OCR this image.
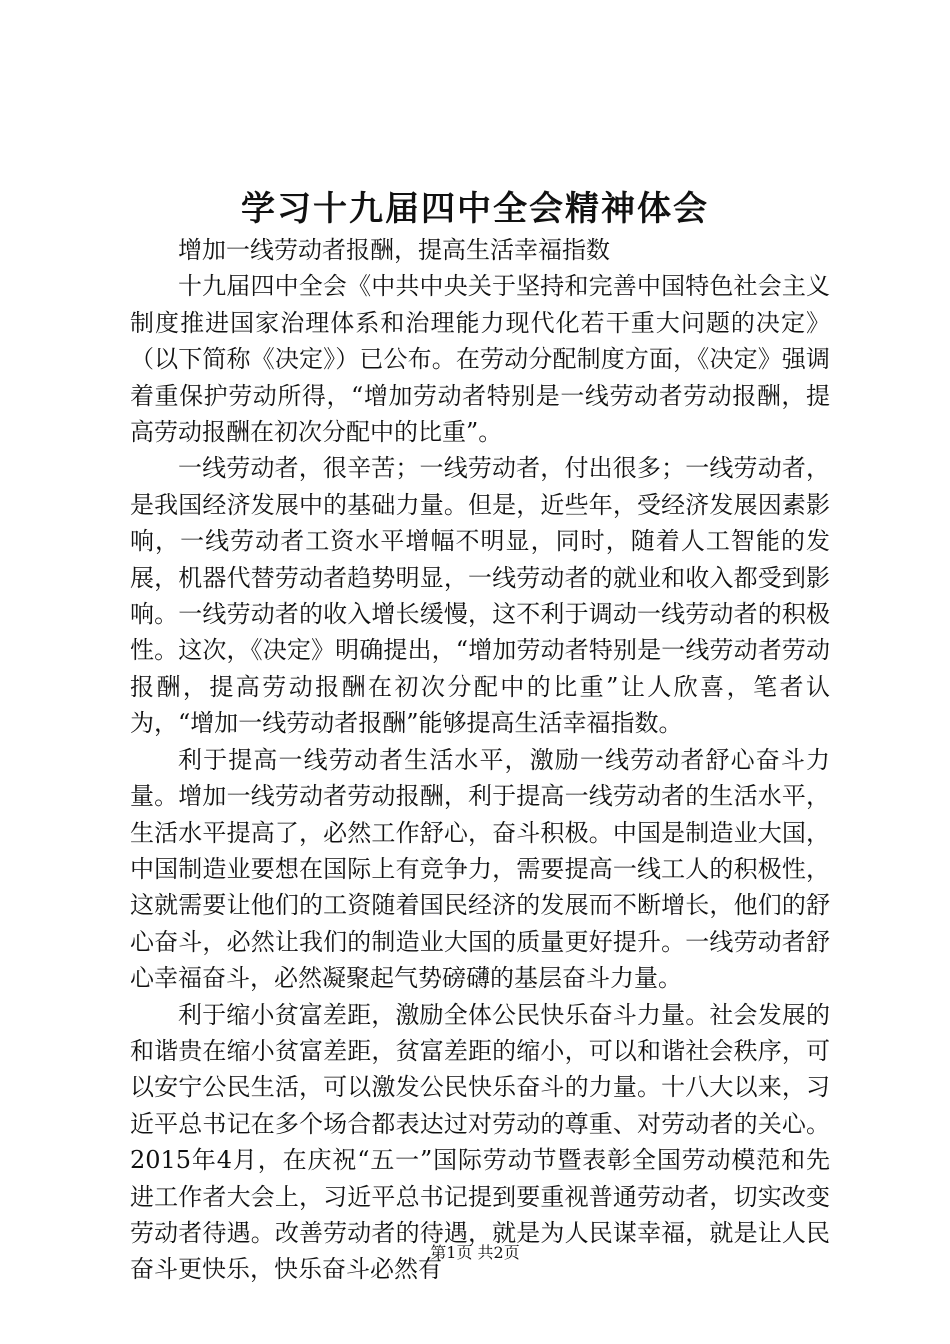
学习十九届四中全会精神体会

增加一线劳动者报酬，提高生活幸福指数

十九届四中全会《中共中央关于坚持和完善中国特色社会主义制度推进国家治理体系和治理能力现代化若干重大问题的决定》（以下简称《决定》）已公布。在劳动分配制度方面，《决定》强调着重保护劳动所得，“增加劳动者特别是一线劳动者劳动报酬，提高劳动报酬在初次分配中的比重”。

一线劳动者，很辛苦；一线劳动者，付出很多；一线劳动者，是我国经济发展中的基础力量。但是，近些年，受经济发展因素影响，一线劳动者工资水平增幅不明显，同时，随着人工智能的发展，机器代替劳动者趋势明显，一线劳动者的就业和收入都受到影响。一线劳动者的收入增长缓慢，这不利于调动一线劳动者的积极性。这次，《决定》明确提出，“增加劳动者特别是一线劳动者劳动报酬，提高劳动报酬在初次分配中的比重”让人欣喜，笔者认为，“增加一线劳动者报酬”能够提高生活幸福指数。

利于提高一线劳动者生活水平，激励一线劳动者舒心奋斗力量。增加一线劳动者劳动报酬，利于提高一线劳动者的生活水平，生活水平提高了，必然工作舒心，奋斗积极。中国是制造业大国，中国制造业要想在国际上有竞争力，需要提高一线工人的积极性，这就需要让他们的工资随着国民经济的发展而不断增长，他们的舒心奋斗，必然让我们的制造业大国的质量更好提升。一线劳动者舒心幸福奋斗，必然凝聚起气势磅礴的基层奋斗力量。

利于缩小贫富差距，激励全体公民快乐奋斗力量。社会发展的和谐贵在缩小贫富差距，贫富差距的缩小，可以和谐社会秩序，可以安宁公民生活，可以激发公民快乐奋斗的力量。十八大以来，习近平总书记在多个场合都表达过对劳动的尊重、对劳动者的关心。2015年4月，在庆祝“五一”国际劳动节暨表彰全国劳动模范和先进工作者大会上，习近平总书记提到要重视普通劳动者，切实改变劳动者待遇。改善劳动者的待遇，就是为人民谋幸福，就是让人民奋斗更快乐，快乐奋斗必然有

第1页 共2页
